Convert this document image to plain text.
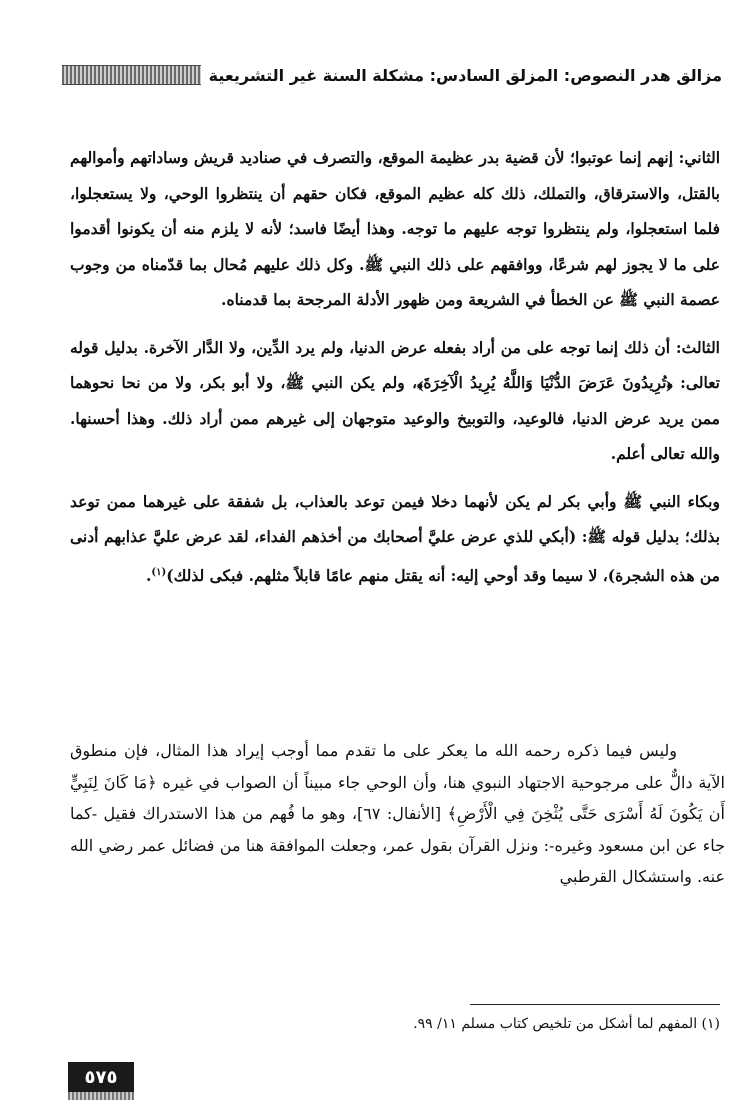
مزالق هدر النصوص: المزلق السادس: مشكلة السنة غير التشريعية

الثاني: إنهم إنما عوتبوا؛ لأن قضية بدر عظيمة الموقع، والتصرف في صناديد قريش وساداتهم وأموالهم بالقتل، والاسترقاق، والتملك، ذلك كله عظيم الموقع، فكان حقهم أن ينتظروا الوحي، ولا يستعجلوا، فلما استعجلوا، ولم ينتظروا توجه عليهم ما توجه. وهذا أيضًا فاسد؛ لأنه لا يلزم منه أن يكونوا أقدموا على ما لا يجوز لهم شرعًا، ووافقهم على ذلك النبي ﷺ. وكل ذلك عليهم مُحال بما قدّمناه من وجوب عصمة النبي ﷺ عن الخطأ في الشريعة ومن ظهور الأدلة المرجحة بما قدمناه.

الثالث: أن ذلك إنما توجه على من أراد بفعله عرض الدنيا، ولم يرد الدِّين، ولا الدَّار الآخرة. بدليل قوله تعالى: ﴿تُرِيدُونَ عَرَضَ الدُّنْيَا وَاللَّهُ يُرِيدُ الْآخِرَةَ﴾، ولم يكن النبي ﷺ، ولا أبو بكر، ولا من نحا نحوهما ممن يريد عرض الدنيا، فالوعيد، والتوبيخ والوعيد متوجهان إلى غيرهم ممن أراد ذلك. وهذا أحسنها. والله تعالى أعلم.

وبكاء النبي ﷺ وأبي بكر لم يكن لأنهما دخلا فيمن توعد بالعذاب، بل شفقة على غيرهما ممن توعد بذلك؛ بدليل قوله ﷺ: (أبكي للذي عرض عليَّ أصحابك من أخذهم الفداء، لقد عرض عليَّ عذابهم أدنى من هذه الشجرة)، لا سيما وقد أوحي إليه: أنه يقتل منهم عامًا قابلاً مثلهم. فبكى لذلك)$^{(١)}$.

وليس فيما ذكره رحمه الله ما يعكر على ما تقدم مما أوجب إيراد هذا المثال، فإن منطوق الآية دالٌّ على مرجوحية الاجتهاد النبوي هنا، وأن الوحي جاء مبيناً أن الصواب في غيره ﴿مَا كَانَ لِنَبِيٍّ أَن يَكُونَ لَهُ أَسْرَى حَتَّى يُثْخِنَ فِي الْأَرْضِ﴾ [الأنفال: ٦٧]، وهو ما فُهم من هذا الاستدراك فقيل -كما جاء عن ابن مسعود وغيره-: ونزل القرآن بقول عمر، وجعلت الموافقة هنا من فضائل عمر رضي الله عنه. واستشكال القرطبي

(١) المفهم لما أشكل من تلخيص كتاب مسلم ١١/ ٩٩.
٥٧٥
